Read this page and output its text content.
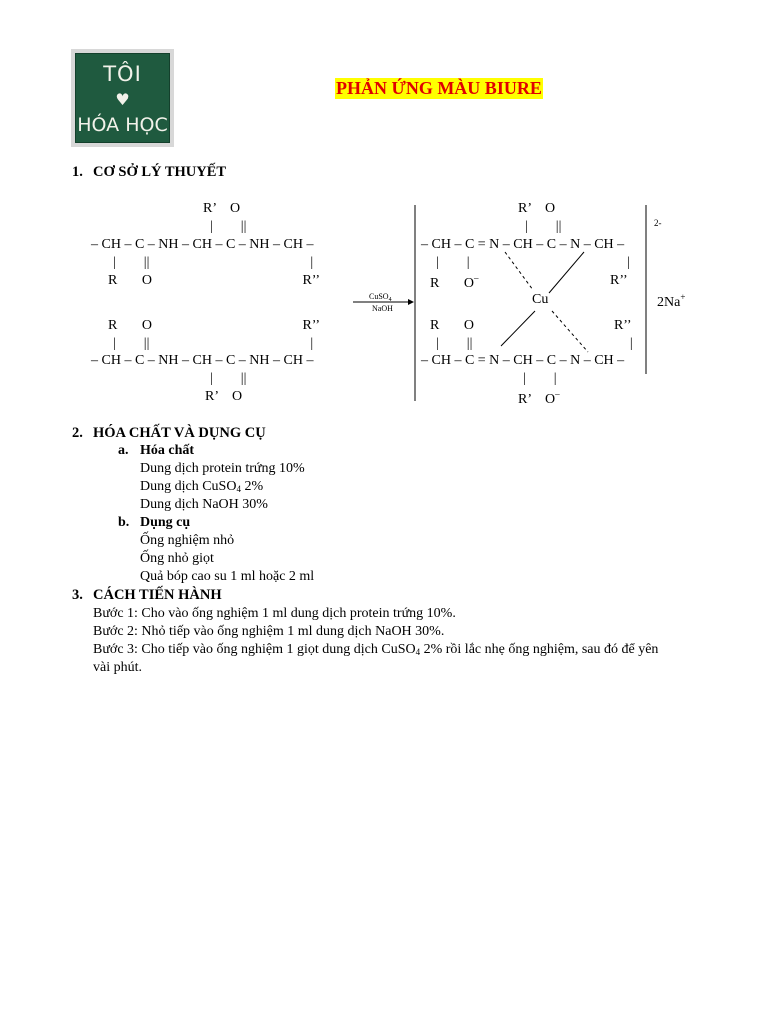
TÔI
♥
HÓA HỌC
PHẢN ỨNG MÀU BIURE
1. CƠ SỞ LÝ THUYẾT
R’    O
|        ||
– CH – C – NH – CH – C – NH – CH –
|        ||                                              |
R       O                                           R’’
R       O                                           R’’
|        ||                                              |
– CH – C – NH – CH – C – NH – CH –
|        ||
R’    O
CuSO$_4$
NaOH
R’    O
|        ||
– CH – C = N – CH – C – N – CH –
|        |                                             |
R       O–	R’’
Cu
R       O                                        R’’
|        ||                                             |
– CH – C = N – CH – C – N – CH –
|        |
R’    O–
2-
2Na+
2. HÓA CHẤT VÀ DỤNG CỤ
a. Hóa chất
Dung dịch protein trứng 10%
Dung dịch CuSO$_4$ 2%
Dung dịch NaOH 30%
b. Dụng cụ
Ống nghiệm nhỏ
Ống nhỏ giọt
Quả bóp cao su 1 ml hoặc 2 ml
3. CÁCH TIẾN HÀNH
Bước 1: Cho vào ống nghiệm 1 ml dung dịch protein trứng 10%.
Bước 2: Nhỏ tiếp vào ống nghiệm 1 ml dung dịch NaOH 30%.
Bước 3: Cho tiếp vào ống nghiệm 1 giọt dung dịch CuSO$_4$ 2% rồi lắc nhẹ ống nghiệm, sau đó để yên
vài phút.
